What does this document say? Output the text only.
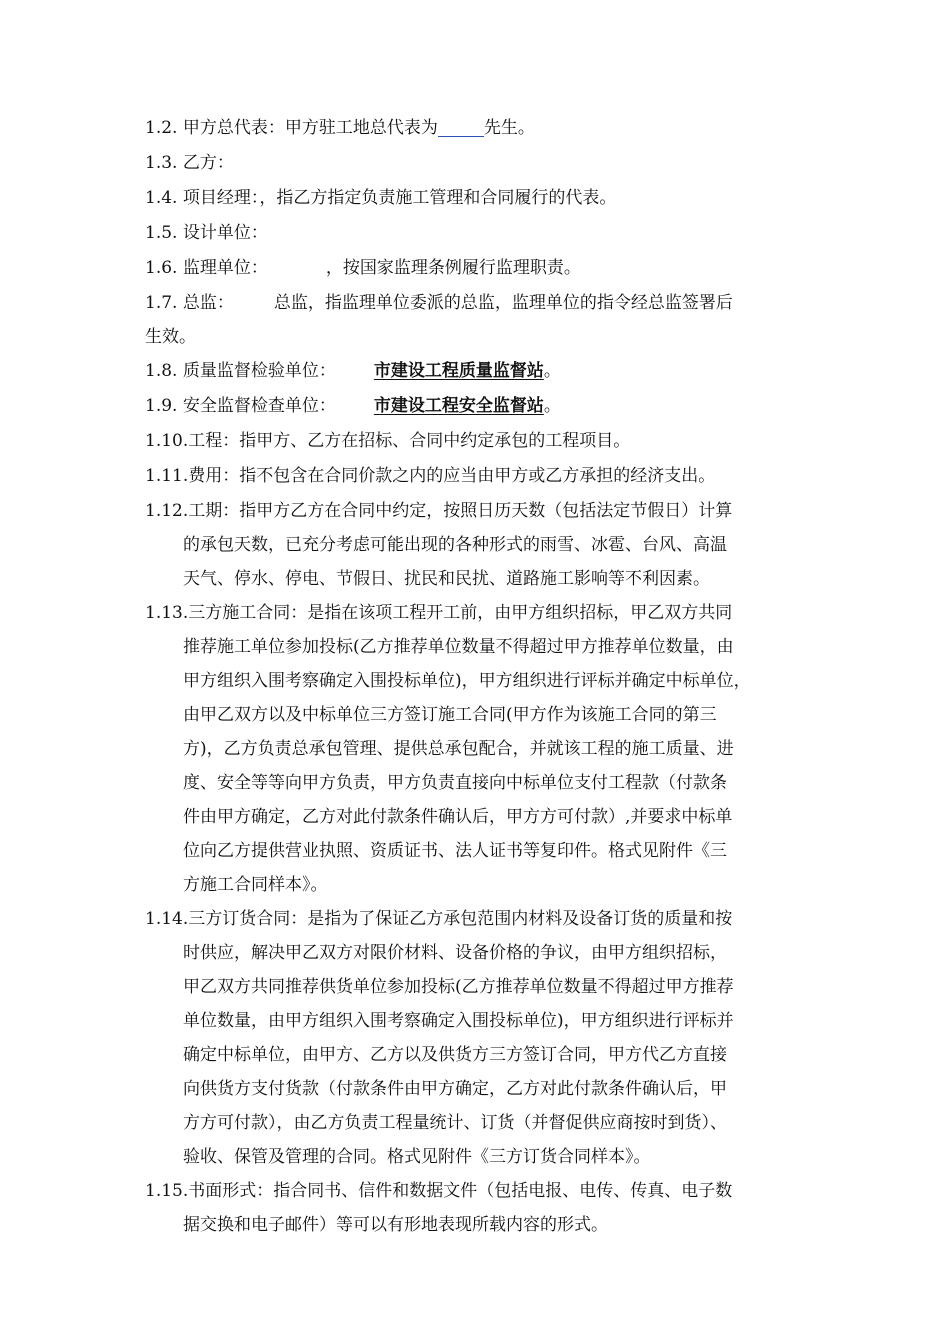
1.2. 甲方总代表：甲方驻工地总代表为	先生。
1.3. 乙方：
1.4. 项目经理：，指乙方指定负责施工管理和合同履行的代表。
1.5. 设计单位：
1.6. 监理单位：	，按国家监理条例履行监理职责。
1.7. 总监： 总监，指监理单位委派的总监，监理单位的指令经总监签署后
生效。
1.8. 质量监督检验单位： 市建设工程质量监督站。
1.9. 安全监督检查单位： 市建设工程安全监督站。
1.10.工程：指甲方、乙方在招标、合同中约定承包的工程项目。
1.11.费用：指不包含在合同价款之内的应当由甲方或乙方承担的经济支出。
1.12.工期：指甲方乙方在合同中约定，按照日历天数（包括法定节假日）计算
的承包天数，已充分考虑可能出现的各种形式的雨雪、冰雹、台风、高温
天气、停水、停电、节假日、扰民和民扰、道路施工影响等不利因素。
1.13.三方施工合同：是指在该项工程开工前，由甲方组织招标，甲乙双方共同
推荐施工单位参加投标(乙方推荐单位数量不得超过甲方推荐单位数量，由
甲方组织入围考察确定入围投标单位)，甲方组织进行评标并确定中标单位，
由甲乙双方以及中标单位三方签订施工合同(甲方作为该施工合同的第三
方)，乙方负责总承包管理、提供总承包配合，并就该工程的施工质量、进
度、安全等等向甲方负责，甲方负责直接向中标单位支付工程款（付款条
件由甲方确定，乙方对此付款条件确认后，甲方方可付款）,并要求中标单
位向乙方提供营业执照、资质证书、法人证书等复印件。格式见附件《三
方施工合同样本》。
1.14.三方订货合同：是指为了保证乙方承包范围内材料及设备订货的质量和按
时供应，解决甲乙双方对限价材料、设备价格的争议，由甲方组织招标，
甲乙双方共同推荐供货单位参加投标(乙方推荐单位数量不得超过甲方推荐
单位数量，由甲方组织入围考察确定入围投标单位)，甲方组织进行评标并
确定中标单位，由甲方、乙方以及供货方三方签订合同，甲方代乙方直接
向供货方支付货款（付款条件由甲方确定，乙方对此付款条件确认后，甲
方方可付款），由乙方负责工程量统计、订货（并督促供应商按时到货）、
验收、保管及管理的合同。格式见附件《三方订货合同样本》。
1.15.书面形式：指合同书、信件和数据文件（包括电报、电传、传真、电子数
据交换和电子邮件）等可以有形地表现所载内容的形式。
